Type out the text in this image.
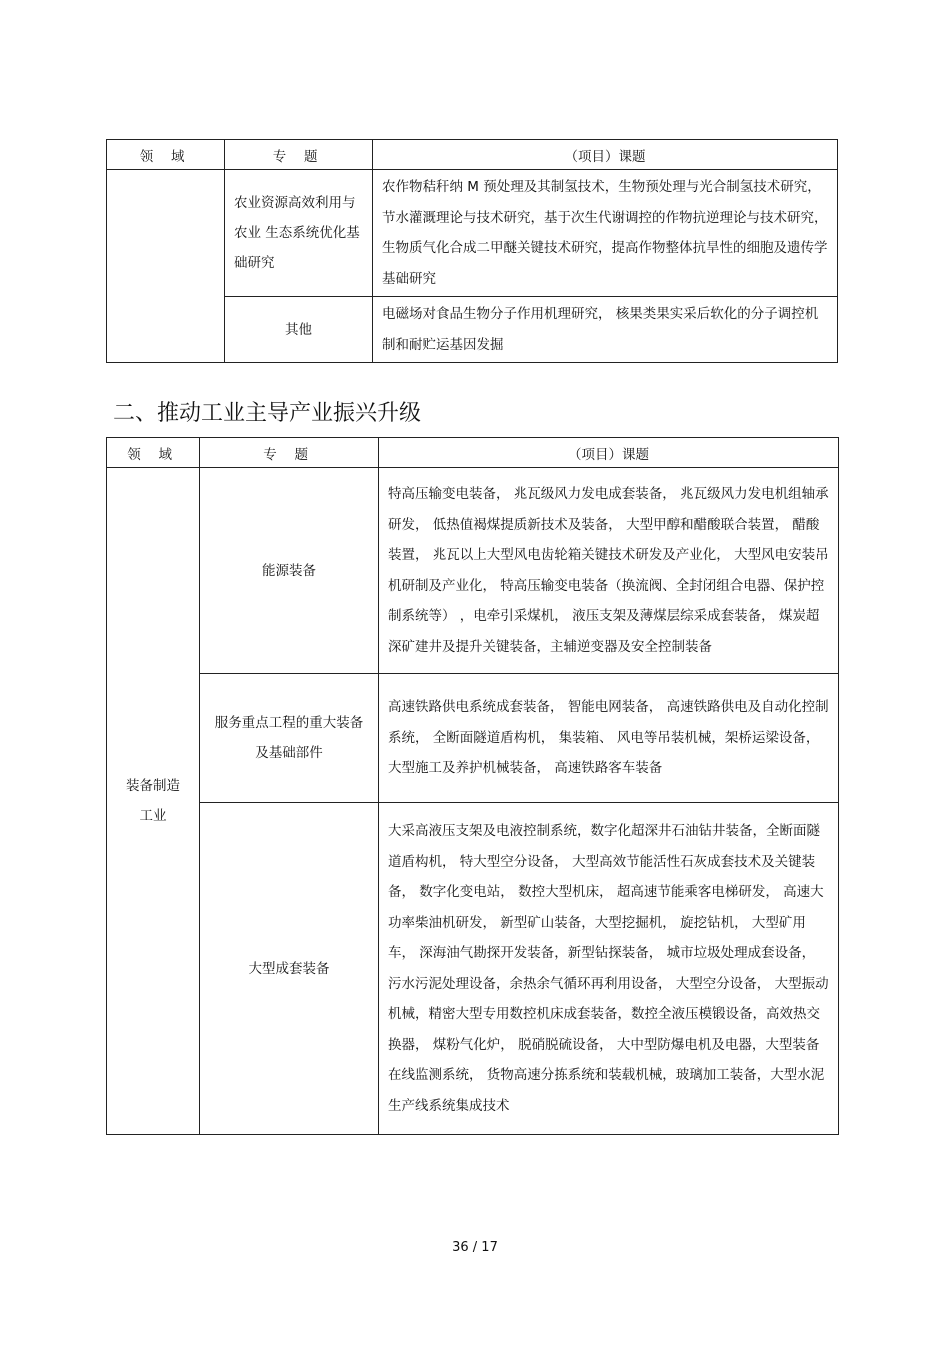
领 域	专 题	（项目）课题
	农业资源高效利用与农业 生态系统优化基础研究	农作物秸秆纳 M 预处理及其制氢技术，生物预处理与光合制氢技术研究，节水灌溉理论与技术研究，基于次生代谢调控的作物抗逆理论与技术研究，生物质气化合成二甲醚关键技术研究，提高作物整体抗旱性的细胞及遗传学基础研究
	其他	电磁场对食品生物分子作用机理研究， 核果类果实采后软化的分子调控机制和耐贮运基因发掘
二、推动工业主导产业振兴升级
领 域	专 题	（项目）课题
装备制造工业	能源装备	特高压输变电装备， 兆瓦级风力发电成套装备， 兆瓦级风力发电机组轴承研发， 低热值褐煤提质新技术及装备， 大型甲醇和醋酸联合装置， 醋酸装置， 兆瓦以上大型风电齿轮箱关键技术研发及产业化， 大型风电安装吊机研制及产业化， 特高压输变电装备（换流阀、全封闭组合电器、保护控制系统等） ，电牵引采煤机， 液压支架及薄煤层综采成套装备， 煤炭超深矿建井及提升关键装备，主辅逆变器及安全控制装备
	服务重点工程的重大装备及基础部件	高速铁路供电系统成套装备， 智能电网装备， 高速铁路供电及自动化控制系统， 全断面隧道盾构机， 集装箱、 风电等吊装机械，架桥运梁设备， 大型施工及养护机械装备， 高速铁路客车装备
	大型成套装备	大采高液压支架及电液控制系统，数字化超深井石油钻井装备，全断面隧道盾构机， 特大型空分设备， 大型高效节能活性石灰成套技术及关键装备， 数字化变电站， 数控大型机床， 超高速节能乘客电梯研发， 高速大功率柴油机研发， 新型矿山装备，大型挖掘机， 旋挖钻机， 大型矿用车， 深海油气勘探开发装备，新型钻探装备， 城市垃圾处理成套设备， 污水污泥处理设备，余热余气循环再利用设备， 大型空分设备， 大型振动机械，精密大型专用数控机床成套装备，数控全液压模锻设备，高效热交换器， 煤粉气化炉， 脱硝脱硫设备， 大中型防爆电机及电器，大型装备在线监测系统， 货物高速分拣系统和装载机械，玻璃加工装备，大型水泥生产线系统集成技术
36 / 17
